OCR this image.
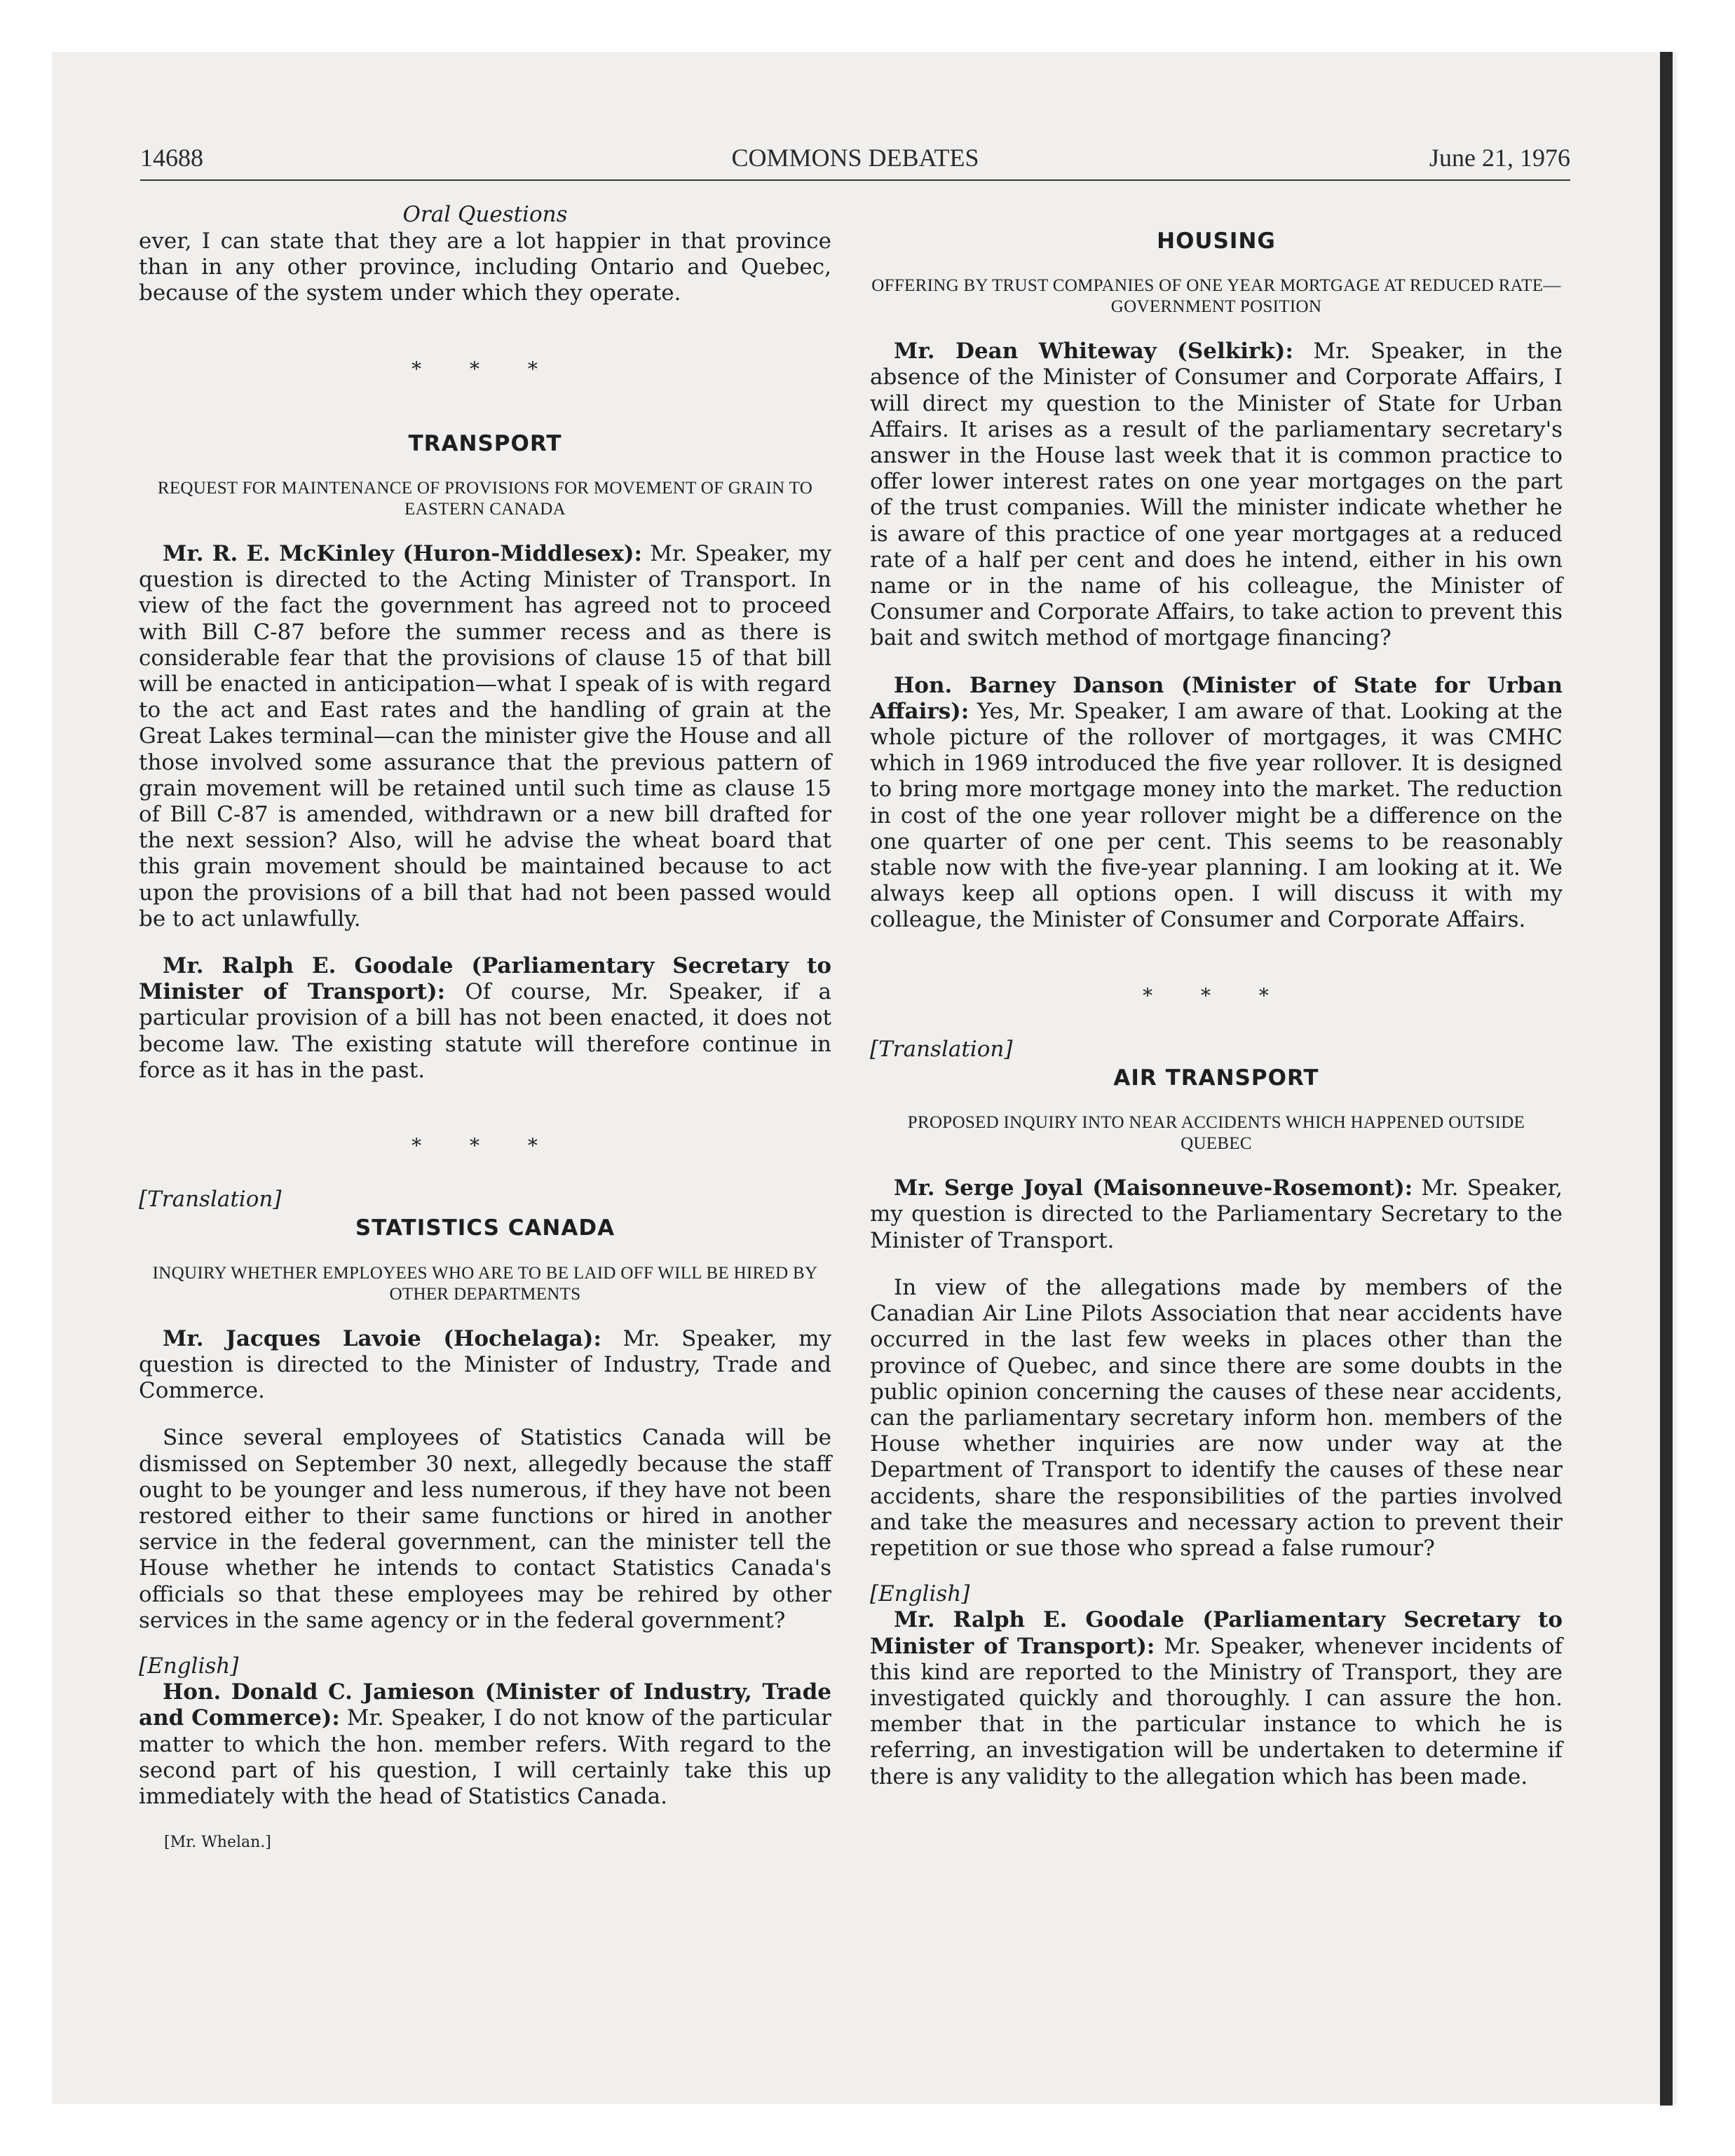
14688	COMMONS DEBATES	June 21, 1976
Oral Questions

ever, I can state that they are a lot happier in that province than in any other province, including Ontario and Quebec, because of the system under which they operate.

* * *
TRANSPORT
REQUEST FOR MAINTENANCE OF PROVISIONS FOR MOVEMENT OF GRAIN TO EASTERN CANADA

Mr. R. E. McKinley (Huron-Middlesex): Mr. Speaker, my question is directed to the Acting Minister of Transport. In view of the fact the government has agreed not to proceed with Bill C-87 before the summer recess and as there is considerable fear that the provisions of clause 15 of that bill will be enacted in anticipation—what I speak of is with regard to the act and East rates and the handling of grain at the Great Lakes terminal—can the minister give the House and all those involved some assurance that the previous pattern of grain movement will be retained until such time as clause 15 of Bill C-87 is amended, withdrawn or a new bill drafted for the next session? Also, will he advise the wheat board that this grain movement should be maintained because to act upon the provisions of a bill that had not been passed would be to act unlawfully.

Mr. Ralph E. Goodale (Parliamentary Secretary to Minister of Transport): Of course, Mr. Speaker, if a particular provision of a bill has not been enacted, it does not become law. The existing statute will therefore continue in force as it has in the past.

* * *
[Translation]
STATISTICS CANADA
INQUIRY WHETHER EMPLOYEES WHO ARE TO BE LAID OFF WILL BE HIRED BY OTHER DEPARTMENTS

Mr. Jacques Lavoie (Hochelaga): Mr. Speaker, my question is directed to the Minister of Industry, Trade and Commerce.

Since several employees of Statistics Canada will be dismissed on September 30 next, allegedly because the staff ought to be younger and less numerous, if they have not been restored either to their same functions or hired in another service in the federal government, can the minister tell the House whether he intends to contact Statistics Canada's officials so that these employees may be rehired by other services in the same agency or in the federal government?

[English]

Hon. Donald C. Jamieson (Minister of Industry, Trade and Commerce): Mr. Speaker, I do not know of the particular matter to which the hon. member refers. With regard to the second part of his question, I will certainly take this up immediately with the head of Statistics Canada.

[Mr. Whelan.]
HOUSING
OFFERING BY TRUST COMPANIES OF ONE YEAR MORTGAGE AT REDUCED RATE—GOVERNMENT POSITION

Mr. Dean Whiteway (Selkirk): Mr. Speaker, in the absence of the Minister of Consumer and Corporate Affairs, I will direct my question to the Minister of State for Urban Affairs. It arises as a result of the parliamentary secretary's answer in the House last week that it is common practice to offer lower interest rates on one year mortgages on the part of the trust companies. Will the minister indicate whether he is aware of this practice of one year mortgages at a reduced rate of a half per cent and does he intend, either in his own name or in the name of his colleague, the Minister of Consumer and Corporate Affairs, to take action to prevent this bait and switch method of mortgage financing?

Hon. Barney Danson (Minister of State for Urban Affairs): Yes, Mr. Speaker, I am aware of that. Looking at the whole picture of the rollover of mortgages, it was CMHC which in 1969 introduced the five year rollover. It is designed to bring more mortgage money into the market. The reduction in cost of the one year rollover might be a difference on the one quarter of one per cent. This seems to be reasonably stable now with the five-year planning. I am looking at it. We always keep all options open. I will discuss it with my colleague, the Minister of Consumer and Corporate Affairs.

* * *
[Translation]
AIR TRANSPORT
PROPOSED INQUIRY INTO NEAR ACCIDENTS WHICH HAPPENED OUTSIDE QUEBEC

Mr. Serge Joyal (Maisonneuve-Rosemont): Mr. Speaker, my question is directed to the Parliamentary Secretary to the Minister of Transport.

In view of the allegations made by members of the Canadian Air Line Pilots Association that near accidents have occurred in the last few weeks in places other than the province of Quebec, and since there are some doubts in the public opinion concerning the causes of these near accidents, can the parliamentary secretary inform hon. members of the House whether inquiries are now under way at the Department of Transport to identify the causes of these near accidents, share the responsibilities of the parties involved and take the measures and necessary action to prevent their repetition or sue those who spread a false rumour?

[English]

Mr. Ralph E. Goodale (Parliamentary Secretary to Minister of Transport): Mr. Speaker, whenever incidents of this kind are reported to the Ministry of Transport, they are investigated quickly and thoroughly. I can assure the hon. member that in the particular instance to which he is referring, an investigation will be undertaken to determine if there is any validity to the allegation which has been made.
